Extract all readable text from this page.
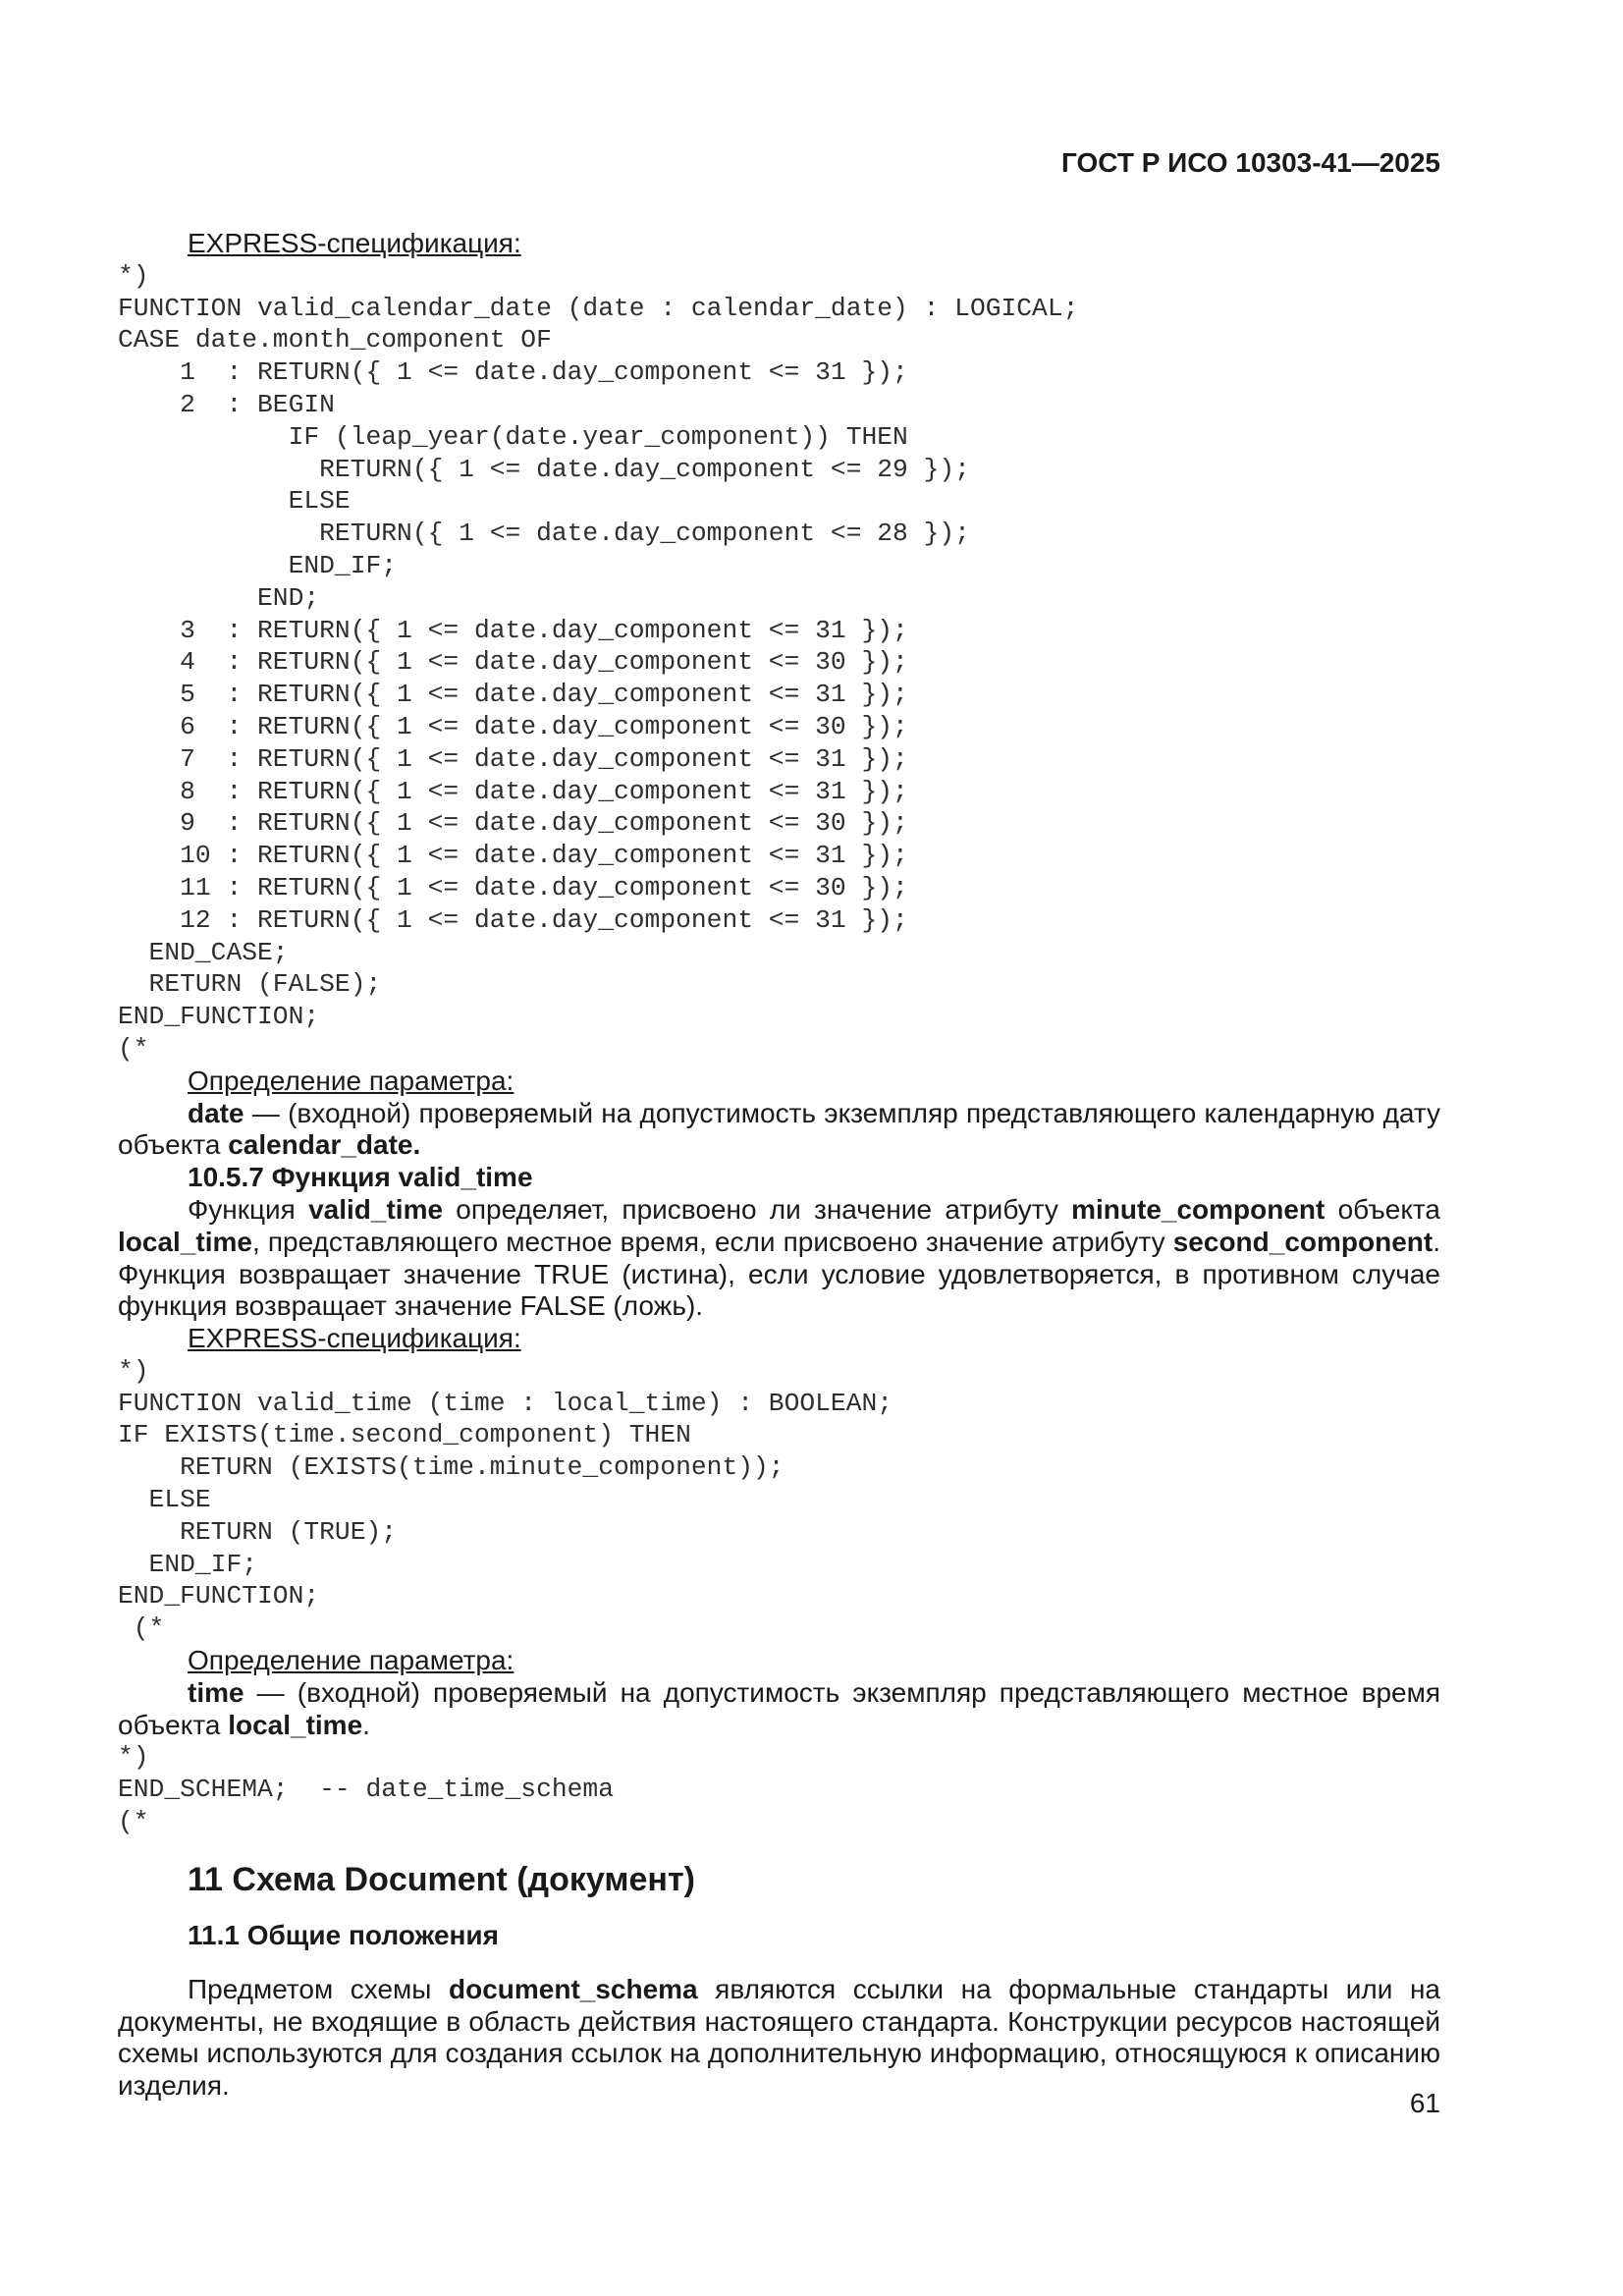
ГОСТ Р ИСО 10303-41—2025

EXPRESS-спецификация:

*)
FUNCTION valid_calendar_date (date : calendar_date) : LOGICAL;
CASE date.month_component OF
1  : RETURN({ 1 <= date.day_component <= 31 });
2  : BEGIN
IF (leap_year(date.year_component)) THEN
RETURN({ 1 <= date.day_component <= 29 });
ELSE
RETURN({ 1 <= date.day_component <= 28 });
END_IF;
END;
3  : RETURN({ 1 <= date.day_component <= 31 });
4  : RETURN({ 1 <= date.day_component <= 30 });
5  : RETURN({ 1 <= date.day_component <= 31 });
6  : RETURN({ 1 <= date.day_component <= 30 });
7  : RETURN({ 1 <= date.day_component <= 31 });
8  : RETURN({ 1 <= date.day_component <= 31 });
9  : RETURN({ 1 <= date.day_component <= 30 });
10 : RETURN({ 1 <= date.day_component <= 31 });
11 : RETURN({ 1 <= date.day_component <= 30 });
12 : RETURN({ 1 <= date.day_component <= 31 });
END_CASE;
RETURN (FALSE);
END_FUNCTION;
(*

Определение параметра:

date — (входной) проверяемый на допустимость экземпляр представляющего календарную дату объекта calendar_date.

10.5.7 Функция valid_time

Функция valid_time определяет, присвоено ли значение атрибуту minute_component объекта local_time, представляющего местное время, если присвоено значение атрибуту second_component. Функция возвращает значение TRUE (истина), если условие удовлетворяется, в противном случае функция возвращает значение FALSE (ложь).

EXPRESS-спецификация:

*)
FUNCTION valid_time (time : local_time) : BOOLEAN;
IF EXISTS(time.second_component) THEN
RETURN (EXISTS(time.minute_component));
ELSE
RETURN (TRUE);
END_IF;
END_FUNCTION;
(*

Определение параметра:

time — (входной) проверяемый на допустимость экземпляр представляющего местное время объекта local_time.

*)
END_SCHEMA;  -- date_time_schema
(*
11 Схема Document (документ)
11.1 Общие положения

Предметом схемы document_schema являются ссылки на формальные стандарты или на документы, не входящие в область действия настоящего стандарта. Конструкции ресурсов настоящей схемы используются для создания ссылок на дополнительную информацию, относящуюся к описанию изделия.

61
